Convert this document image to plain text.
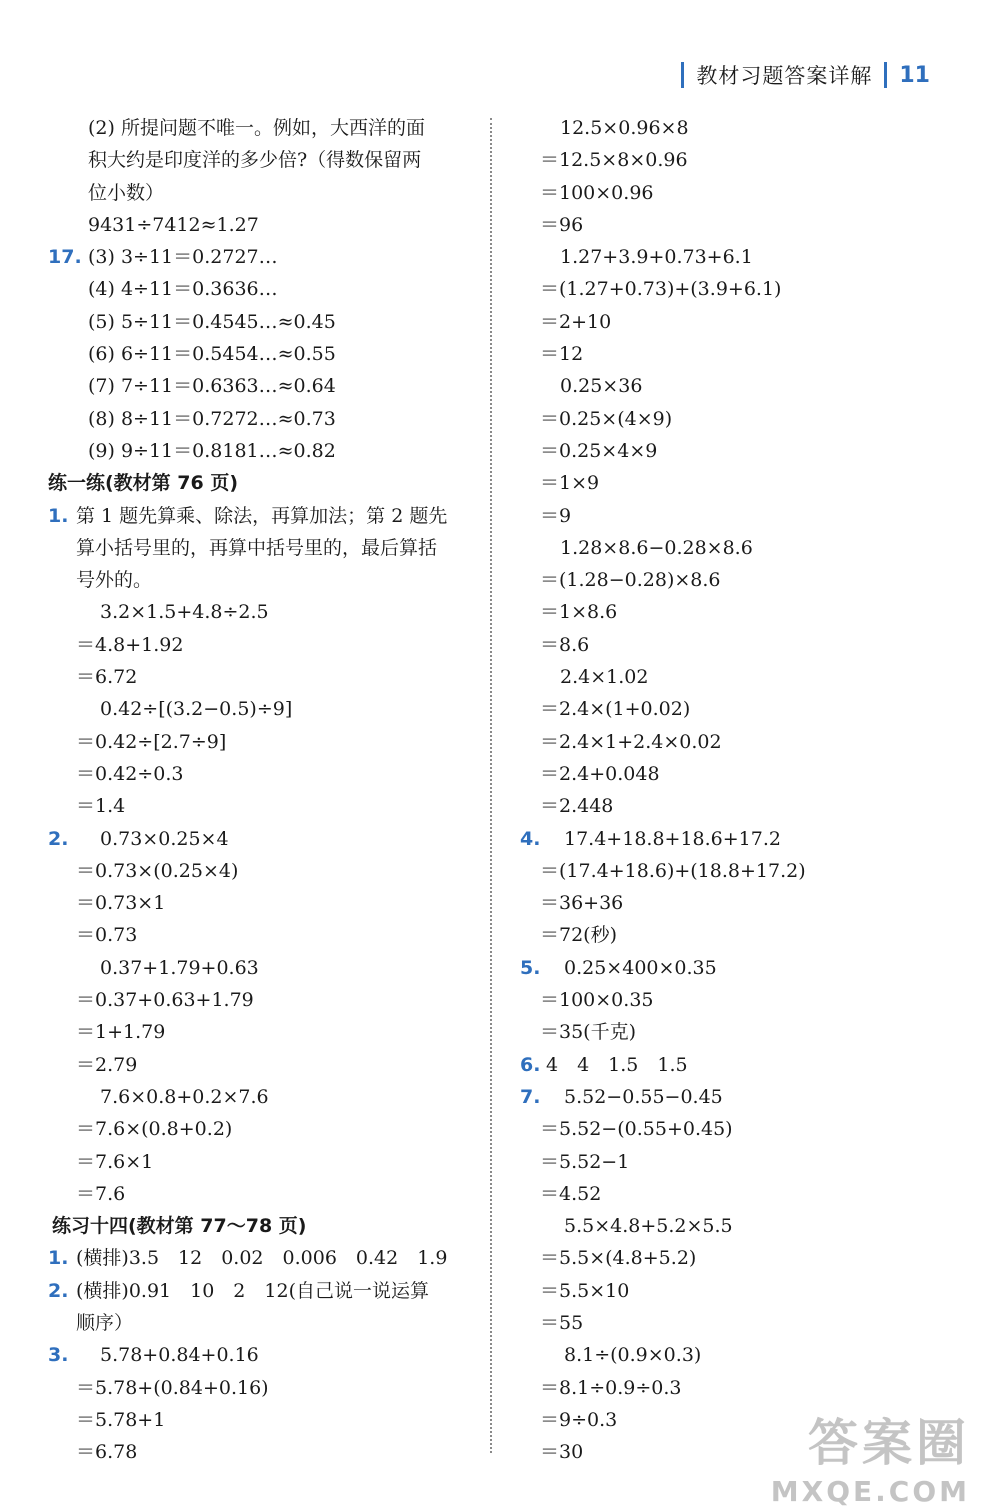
教材习题答案详解 11
(2) 所提问题不唯一。例如，大西洋的面
积大约是印度洋的多少倍?（得数保留两
位小数）
9431÷7412≈1.27
17. (3) 3÷11＝0.2727…
(4) 4÷11＝0.3636…
(5) 5÷11＝0.4545…≈0.45
(6) 6÷11＝0.5454…≈0.55
(7) 7÷11＝0.6363…≈0.64
(8) 8÷11＝0.7272…≈0.73
(9) 9÷11＝0.8181…≈0.82
练一练(教材第 76 页)
1. 第 1 题先算乘、除法，再算加法；第 2 题先
算小括号里的，再算中括号里的，最后算括
号外的。
3.2×1.5+4.8÷2.5
＝4.8+1.92
＝6.72
0.42÷[(3.2−0.5)÷9]
＝0.42÷[2.7÷9]
＝0.42÷0.3
＝1.4
2.	0.73×0.25×4
＝0.73×(0.25×4)
＝0.73×1
＝0.73
0.37+1.79+0.63
＝0.37+0.63+1.79
＝1+1.79
＝2.79
7.6×0.8+0.2×7.6
＝7.6×(0.8+0.2)
＝7.6×1
＝7.6
练习十四(教材第 77～78 页)
1. (横排)3.5　12　0.02　0.006　0.42　1.9
2. (横排)0.91　10　2　12(自己说一说运算
顺序）
3.	5.78+0.84+0.16
＝5.78+(0.84+0.16)
＝5.78+1
＝6.78
12.5×0.96×8
＝12.5×8×0.96
＝100×0.96
＝96
1.27+3.9+0.73+6.1
＝(1.27+0.73)+(3.9+6.1)
＝2+10
＝12
0.25×36
＝0.25×(4×9)
＝0.25×4×9
＝1×9
＝9
1.28×8.6−0.28×8.6
＝(1.28−0.28)×8.6
＝1×8.6
＝8.6
2.4×1.02
＝2.4×(1+0.02)
＝2.4×1+2.4×0.02
＝2.4+0.048
＝2.448
4.	17.4+18.8+18.6+17.2
＝(17.4+18.6)+(18.8+17.2)
＝36+36
＝72(秒)
5.	0.25×400×0.35
＝100×0.35
＝35(千克)
6. 4　4　1.5　1.5
7.	5.52−0.55−0.45
＝5.52−(0.55+0.45)
＝5.52−1
＝4.52
5.5×4.8+5.2×5.5
＝5.5×(4.8+5.2)
＝5.5×10
＝55
8.1÷(0.9×0.3)
＝8.1÷0.9÷0.3
＝9÷0.3
＝30	答案圈
MXQE.COM
